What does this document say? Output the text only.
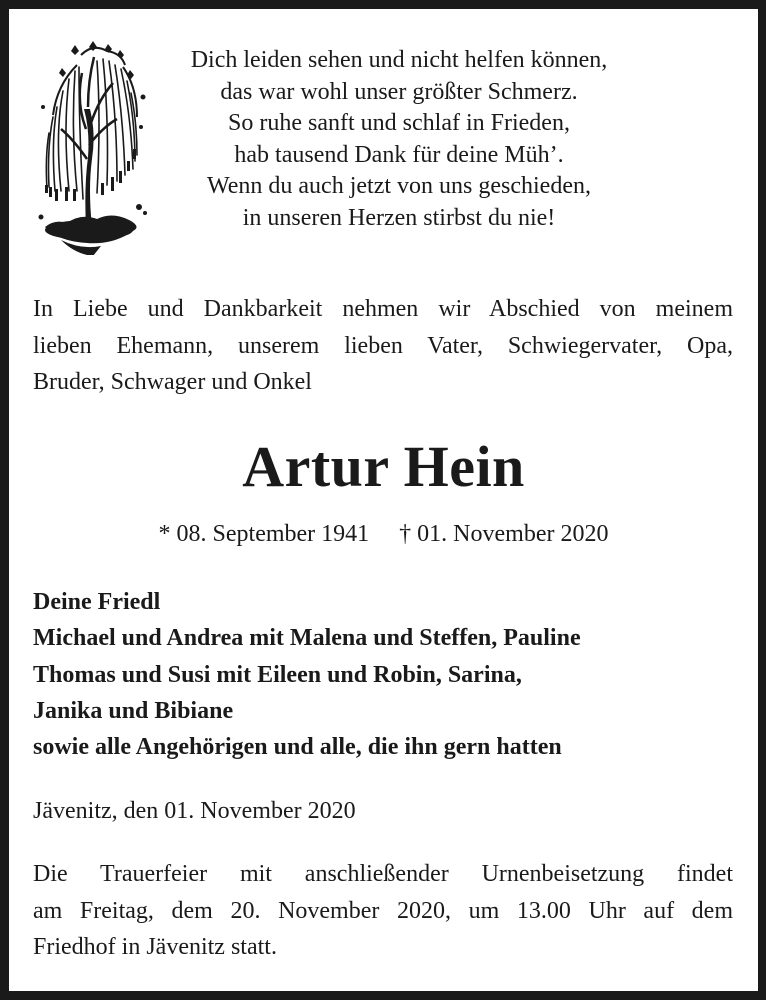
Dich leiden sehen und nicht helfen können,
das war wohl unser größter Schmerz.
So ruhe sanft und schlaf in Frieden,
hab tausend Dank für deine Müh’.
Wenn du auch jetzt von uns geschieden,
in unseren Herzen stirbst du nie!
In Liebe und Dankbarkeit nehmen wir Abschied von meinem
lieben Ehemann, unserem lieben Vater, Schwiegervater, Opa,
Bruder, Schwager und Onkel
Artur Hein
* 08. September 1941 † 01. November 2020
Deine Friedl
Michael und Andrea mit Malena und Steffen, Pauline
Thomas und Susi mit Eileen und Robin, Sarina,
Janika und Bibiane
sowie alle Angehörigen und alle, die ihn gern hatten
Jävenitz, den 01. November 2020
Die Trauerfeier mit anschließender Urnenbeisetzung findet
am Freitag, dem 20. November 2020, um 13.00 Uhr auf dem
Friedhof in Jävenitz statt.
